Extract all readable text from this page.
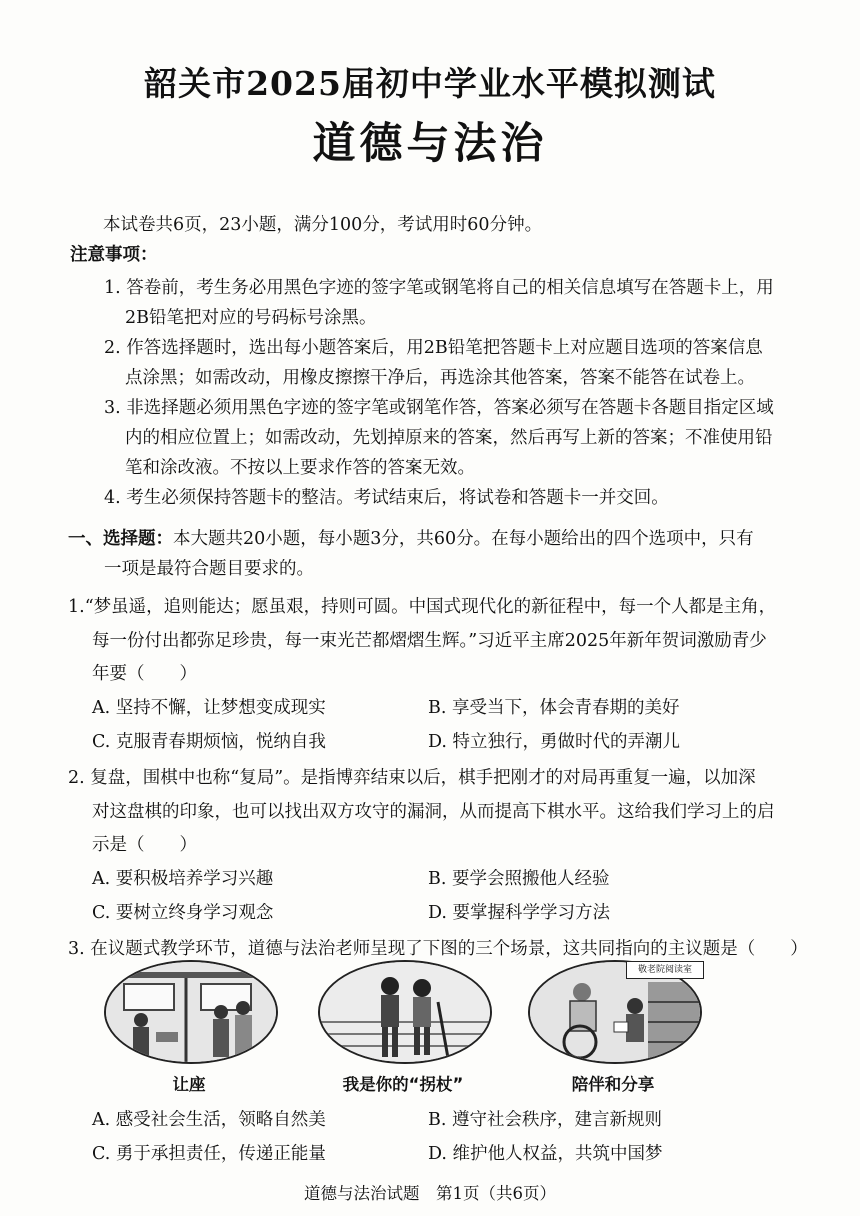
韶关市2025届初中学业水平模拟测试
道德与法治
本试卷共6页，23小题，满分100分，考试用时60分钟。
注意事项：
1. 答卷前，考生务必用黑色字迹的签字笔或钢笔将自己的相关信息填写在答题卡上，用
2B铅笔把对应的号码标号涂黑。
2. 作答选择题时，选出每小题答案后，用2B铅笔把答题卡上对应题目选项的答案信息
点涂黑；如需改动，用橡皮擦擦干净后，再选涂其他答案，答案不能答在试卷上。
3. 非选择题必须用黑色字迹的签字笔或钢笔作答，答案必须写在答题卡各题目指定区域
内的相应位置上；如需改动，先划掉原来的答案，然后再写上新的答案；不准使用铅
笔和涂改液。不按以上要求作答的答案无效。
4. 考生必须保持答题卡的整洁。考试结束后，将试卷和答题卡一并交回。
一、选择题：本大题共20小题，每小题3分，共60分。在每小题给出的四个选项中，只有
一项是最符合题目要求的。
1.“梦虽遥，追则能达；愿虽艰，持则可圆。中国式现代化的新征程中，每一个人都是主角，
每一份付出都弥足珍贵，每一束光芒都熠熠生辉。”习近平主席2025年新年贺词激励青少
年要（　　）
A. 坚持不懈，让梦想变成现实	B. 享受当下，体会青春期的美好
C. 克服青春期烦恼，悦纳自我	D. 特立独行，勇做时代的弄潮儿
2. 复盘，围棋中也称“复局”。是指博弈结束以后，棋手把刚才的对局再重复一遍，以加深
对这盘棋的印象，也可以找出双方攻守的漏洞，从而提高下棋水平。这给我们学习上的启
示是（　　）
A. 要积极培养学习兴趣	B. 要学会照搬他人经验
C. 要树立终身学习观念	D. 要掌握科学学习方法
3. 在议题式教学环节，道德与法治老师呈现了下图的三个场景，这共同指向的主议题是（　　）
敬老院阅读室
让座	我是你的“拐杖”	陪伴和分享
A. 感受社会生活，领略自然美	B. 遵守社会秩序，建言新规则
C. 勇于承担责任，传递正能量	D. 维护他人权益，共筑中国梦
道德与法治试题　第1页（共6页）
